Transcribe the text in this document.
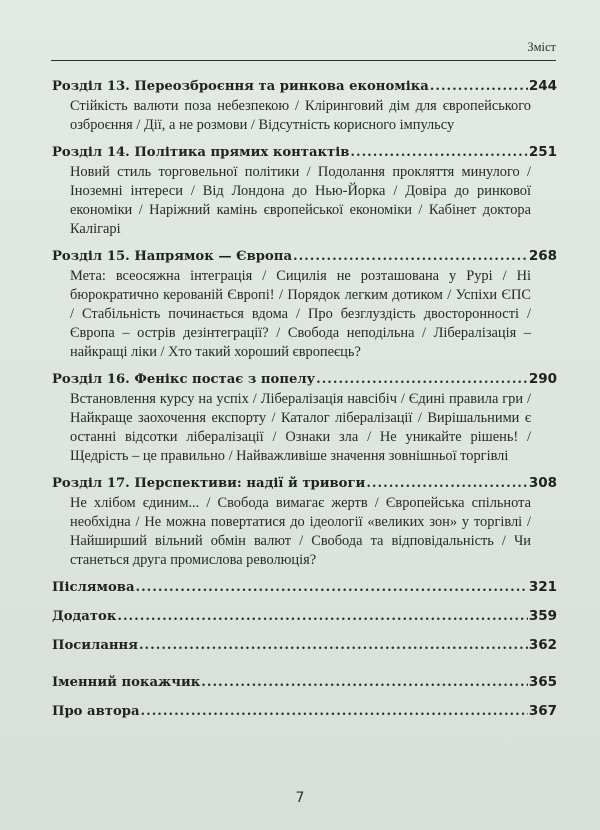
Зміст
Розділ 13. Переозброєння та ринкова економіка .....	244
Стійкість валюти поза небезпекою / Кліринговий дім для європейського озброєння / Дії, а не розмови / Відсутність корисного імпульсу
Розділ 14. Політика прямих контактів .....	251
Новий стиль торговельної політики / Подолання прокляття минулого / Іноземні інтереси / Від Лондона до Нью-Йорка / Довіра до ринкової економіки / Наріжний камінь європейської економіки / Кабінет доктора Калігарі
Розділ 15. Напрямок — Європа .....	268
Мета: всеосяжна інтеграція / Сицилія не розташована у Рурі / Ні бюрократично керованій Європі! / Порядок легким дотиком / Успіхи ЄПС / Стабільність починається вдома / Про безглуздість двосторонності / Європа – острів дезінтеграції? / Свобода неподільна / Лібералізація – найкращі ліки / Хто такий хороший європеєць?
Розділ 16. Фенікс постає з попелу .....	290
Встановлення курсу на успіх / Лібералізація навсібіч / Єдині правила гри / Найкраще заохочення експорту / Каталог лібералізації / Вирішальними є останні відсотки лібералізації / Ознаки зла / Не уникайте рішень! / Щедрість – це правильно / Найважливіше значення зовнішньої торгівлі
Розділ 17. Перспективи: надії й тривоги .....	308
Не хлібом єдиним... / Свобода вимагає жертв / Європейська спільнота необхідна / Не можна повертатися до ідеології «великих зон» у торгівлі / Найширший вільний обмін валют / Свобода та відповідальність / Чи станеться друга промислова революція?
Післямова .....	321
Додаток .....	359
Посилання .....	362
Іменний покажчик .....	365
Про автора .....	367
7
